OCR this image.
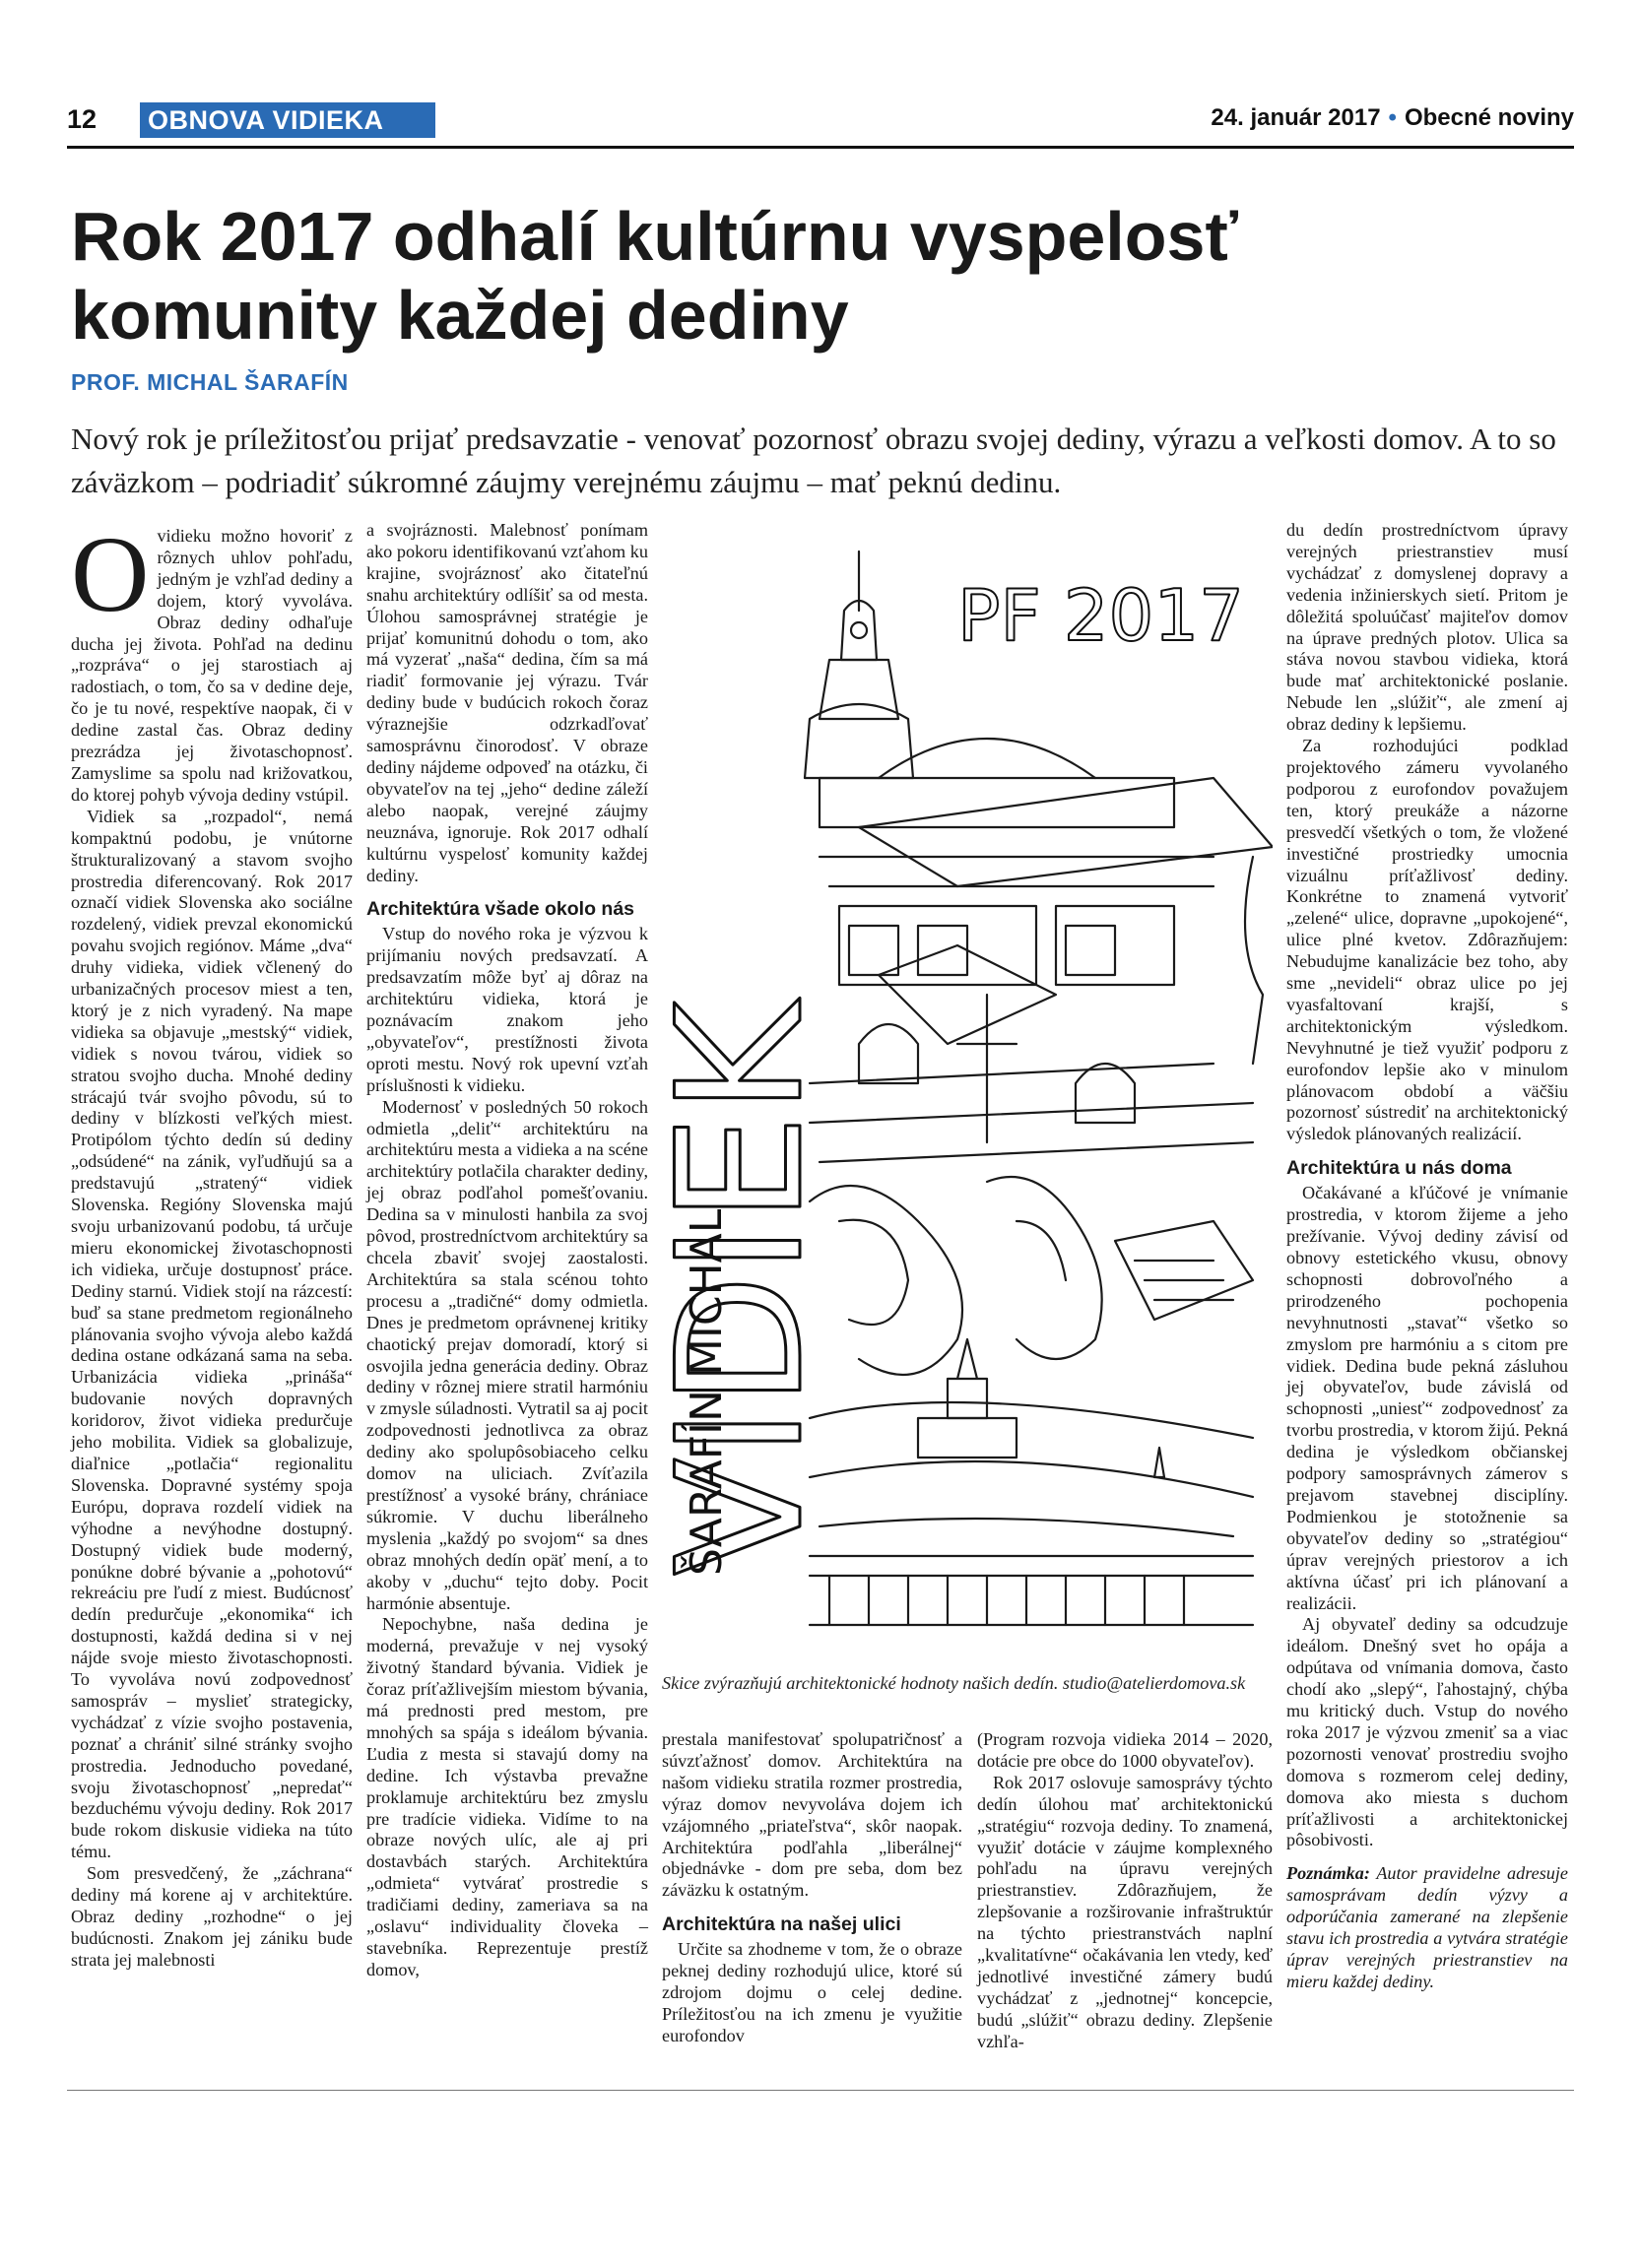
12 OBNOVA VIDIEKA	24. január 2017 • Obecné noviny
Rok 2017 odhalí kultúrnu vyspelosť
komunity každej dediny
PROF. MICHAL ŠARAFÍN
Nový rok je príležitosťou prijať predsavzatie - venovať pozornosť obrazu svojej dediny, výrazu a veľkosti domov. A to so záväzkom – podriadiť súkromné záujmy verejnému záujmu – mať peknú dedinu.

Ovidieku možno hovoriť z rôznych uhlov pohľadu, jedným je vzhľad dediny a dojem, ktorý vyvoláva. Obraz dediny odhaľuje ducha jej života. Pohľad na dedinu „rozpráva“ o jej starostiach aj radostiach, o tom, čo sa v dedine deje, čo je tu nové, respektíve naopak, či v dedine zastal čas. Obraz dediny prezrádza jej životaschopnosť. Zamyslime sa spolu nad križovatkou, do ktorej pohyb vývoja dediny vstúpil.

Vidiek sa „rozpadol“, nemá kompaktnú podobu, je vnútorne štrukturalizovaný a stavom svojho prostredia diferencovaný. Rok 2017 označí vidiek Slovenska ako sociálne rozdelený, vidiek prevzal ekonomickú povahu svojich regiónov. Máme „dva“ druhy vidieka, vidiek včlenený do urbanizačných procesov miest a ten, ktorý je z nich vyradený. Na mape vidieka sa objavuje „mestský“ vidiek, vidiek s novou tvárou, vidiek so stratou svojho ducha. Mnohé dediny strácajú tvár svojho pôvodu, sú to dediny v blízkosti veľkých miest. Protipólom týchto dedín sú dediny „odsúdené“ na zánik, vyľudňujú sa a predstavujú „stratený“ vidiek Slovenska. Regióny Slovenska majú svoju urbanizovanú podobu, tá určuje mieru ekonomickej životaschopnosti ich vidieka, určuje dostupnosť práce. Dediny starnú. Vidiek stojí na rázcestí: buď sa stane predmetom regionálneho plánovania svojho vývoja alebo každá dedina ostane odkázaná sama na seba. Urbanizácia vidieka „prináša“ budovanie nových dopravných koridorov, život vidieka predurčuje jeho mobilita. Vidiek sa globalizuje, diaľnice „potlačia“ regionalitu Slovenska. Dopravné systémy spoja Európu, doprava rozdelí vidiek na výhodne a nevýhodne dostupný. Dostupný vidiek bude moderný, ponúkne dobré bývanie a „pohotovú“ rekreáciu pre ľudí z miest. Budúcnosť dedín predurčuje „ekonomika“ ich dostupnosti, každá dedina si v nej nájde svoje miesto životaschopnosti. To vyvoláva novú zodpovednosť samospráv – myslieť strategicky, vychádzať z vízie svojho postavenia, poznať a chrániť silné stránky svojho prostredia. Jednoducho povedané, svoju životaschopnosť „nepredať“ bezduchému vývoju dediny. Rok 2017 bude rokom diskusie vidieka na túto tému.

Som presvedčený, že „záchrana“ dediny má korene aj v architektúre. Obraz dediny „rozhodne“ o jej budúcnosti. Znakom jej zániku bude strata jej malebnosti

a svojráznosti. Malebnosť ponímam ako pokoru identifikovanú vzťahom ku krajine, svojráznosť ako čitateľnú snahu architektúry odlíšiť sa od mesta. Úlohou samosprávnej stratégie je prijať komunitnú dohodu o tom, ako má vyzerať „naša“ dedina, čím sa má riadiť formovanie jej výrazu. Tvár dediny bude v budúcich rokoch čoraz výraznejšie odzrkadľovať samosprávnu činorodosť. V obraze dediny nájdeme odpoveď na otázku, či obyvateľov na tej „jeho“ dedine záleží alebo naopak, verejné záujmy neuznáva, ignoruje. Rok 2017 odhalí kultúrnu vyspelosť komunity každej dediny.

Architektúra všade okolo nás

Vstup do nového roka je výzvou k prijímaniu nových predsavzatí. A predsavzatím môže byť aj dôraz na architektúru vidieka, ktorá je poznávacím znakom jeho „obyvateľov“, prestížnosti života oproti mestu. Nový rok upevní vzťah príslušnosti k vidieku.

Modernosť v posledných 50 rokoch odmietla „deliť“ architektúru na architektúru mesta a vidieka a na scéne architektúry potlačila charakter dediny, jej obraz podľahol pomešťovaniu. Dedina sa v minulosti hanbila za svoj pôvod, prostredníctvom architektúry sa chcela zbaviť svojej zaostalosti. Architektúra sa stala scénou tohto procesu a „tradičné“ domy odmietla. Dnes je predmetom oprávnenej kritiky chaotický prejav domoradí, ktorý si osvojila jedna generácia dediny. Obraz dediny v rôznej miere stratil harmóniu v zmysle súladnosti. Vytratil sa aj pocit zodpovednosti jednotlivca za obraz dediny ako spolupôsobiaceho celku domov na uliciach. Zvíťazila prestížnosť a vysoké brány, chrániace súkromie. V duchu liberálneho myslenia „každý po svojom“ sa dnes obraz mnohých dedín opäť mení, a to akoby v „duchu“ tejto doby. Pocit harmónie absentuje.

Nepochybne, naša dedina je moderná, prevažuje v nej vysoký životný štandard bývania. Vidiek je čoraz príťažlivejším miestom bývania, má prednosti pred mestom, pre mnohých sa spája s ideálom bývania. Ľudia z mesta si stavajú domy na dedine. Ich výstavba prevažne proklamuje architektúru bez zmyslu pre tradície vidieka. Vidíme to na obraze nových ulíc, ale aj pri dostavbách starých. Architektúra „odmieta“ vytvárať prostredie s tradičiami dediny, zameriava sa na „oslavu“ individuality človeka – stavebníka. Reprezentuje prestíž domov,

VIDIEK
ŠARAFÍN MICHAL
PF 2017
Skice zvýrazňujú architektonické hodnoty našich dedín. studio@atelierdomova.sk

prestala manifestovať spolupatričnosť a súvzťažnosť domov. Architektúra na našom vidieku stratila rozmer prostredia, výraz domov nevyvoláva dojem ich vzájomného „priateľstva“, skôr naopak. Architektúra podľahla „liberálnej“ objednávke - dom pre seba, dom bez záväzku k ostatným.

Architektúra na našej ulici

Určite sa zhodneme v tom, že o obraze peknej dediny rozhodujú ulice, ktoré sú zdrojom dojmu o celej dedine. Príležitosťou na ich zmenu je využitie eurofondov

(Program rozvoja vidieka 2014 – 2020, dotácie pre obce do 1000 obyvateľov).

Rok 2017 oslovuje samosprávy týchto dedín úlohou mať architektonickú „stratégiu“ rozvoja dediny. To znamená, využiť dotácie v záujme komplexného pohľadu na úpravu verejných priestranstiev. Zdôrazňujem, že zlepšovanie a rozširovanie infraštruktúr na týchto priestranstvách naplní „kvalitatívne“ očakávania len vtedy, keď jednotlivé investičné zámery budú vychádzať z „jednotnej“ koncepcie, budú „slúžiť“ obrazu dediny. Zlepšenie vzhľa-

du dedín prostredníctvom úpravy verejných priestranstiev musí vychádzať z domyslenej dopravy a vedenia inžinierskych sietí. Pritom je dôležitá spoluúčasť majiteľov domov na úprave predných plotov. Ulica sa stáva novou stavbou vidieka, ktorá bude mať architektonické poslanie. Nebude len „slúžiť“, ale zmení aj obraz dediny k lepšiemu.

Za rozhodujúci podklad projektového zámeru vyvolaného podporou z eurofondov považujem ten, ktorý preukáže a názorne presvedčí všetkých o tom, že vložené investičné prostriedky umocnia vizuálnu príťažlivosť dediny. Konkrétne to znamená vytvoriť „zelené“ ulice, dopravne „upokojené“, ulice plné kvetov. Zdôrazňujem: Nebudujme kanalizácie bez toho, aby sme „nevideli“ obraz ulice po jej vyasfaltovaní krajší, s architektonickým výsledkom. Nevyhnutné je tiež využiť podporu z eurofondov lepšie ako v minulom plánovacom období a väčšiu pozornosť sústrediť na architektonický výsledok plánovaných realizácií.

Architektúra u nás doma

Očakávané a kľúčové je vnímanie prostredia, v ktorom žijeme a jeho prežívanie. Vývoj dediny závisí od obnovy estetického vkusu, obnovy schopnosti dobrovoľného a prirodzeného pochopenia nevyhnutnosti „stavať“ všetko so zmyslom pre harmóniu a s citom pre vidiek. Dedina bude pekná zásluhou jej obyvateľov, bude závislá od schopnosti „uniesť“ zodpovednosť za tvorbu prostredia, v ktorom žijú. Pekná dedina je výsledkom občianskej podpory samosprávnych zámerov s prejavom stavebnej disciplíny. Podmienkou je stotožnenie sa obyvateľov dediny so „stratégiou“ úprav verejných priestorov a ich aktívna účasť pri ich plánovaní a realizácii.

Aj obyvateľ dediny sa odcudzuje ideálom. Dnešný svet ho opája a odpútava od vnímania domova, často chodí ako „slepý“, ľahostajný, chýba mu kritický duch. Vstup do nového roka 2017 je výzvou zmeniť sa a viac pozornosti venovať prostrediu svojho domova s rozmerom celej dediny, domova ako miesta s duchom príťažlivosti a architektonickej pôsobivosti.

Poznámka: Autor pravidelne adresuje samosprávam dedín výzvy a odporúčania zamerané na zlepšenie stavu ich prostredia a vytvára stratégie úprav verejných priestranstiev na mieru každej dediny.
